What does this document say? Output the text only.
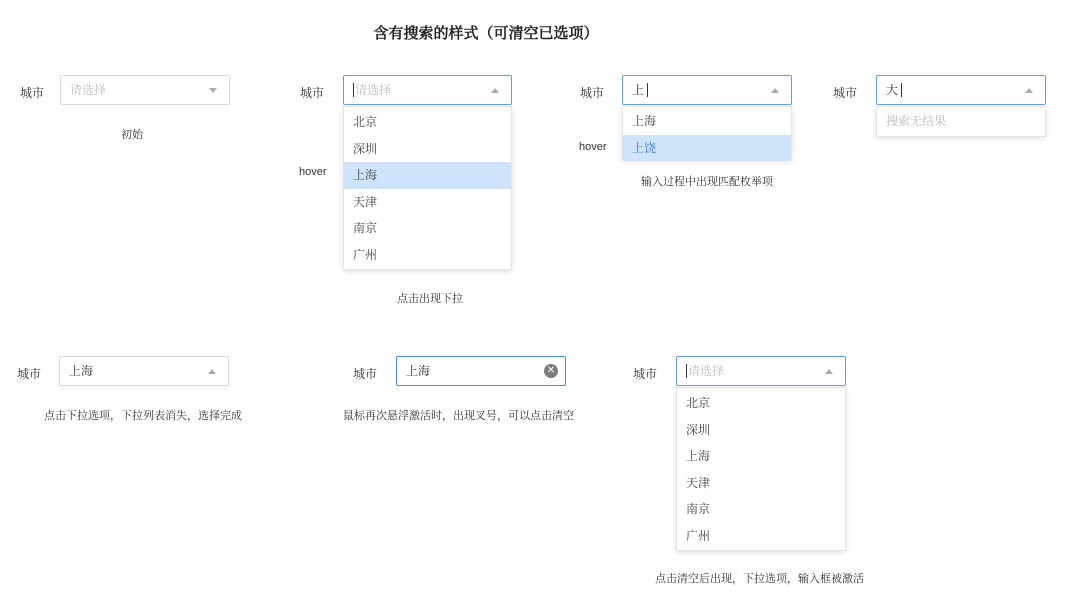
含有搜索的样式（可清空已选项）
城市 请选择
初始
城市	请选择
北京
深圳
上海
天津
南京
广州
hover
点击出现下拉
城市 上
上海
上饶
hover
输入过程中出现匹配枚举项
城市 大
搜索无结果
城市 上海
点击下拉选项，下拉列表消失，选择完成
城市 上海	✕
鼠标再次悬浮激活时，出现叉号，可以点击清空
城市	请选择
北京
深圳
上海
天津
南京
广州
点击清空后出现，下拉选项，输入框被激活
